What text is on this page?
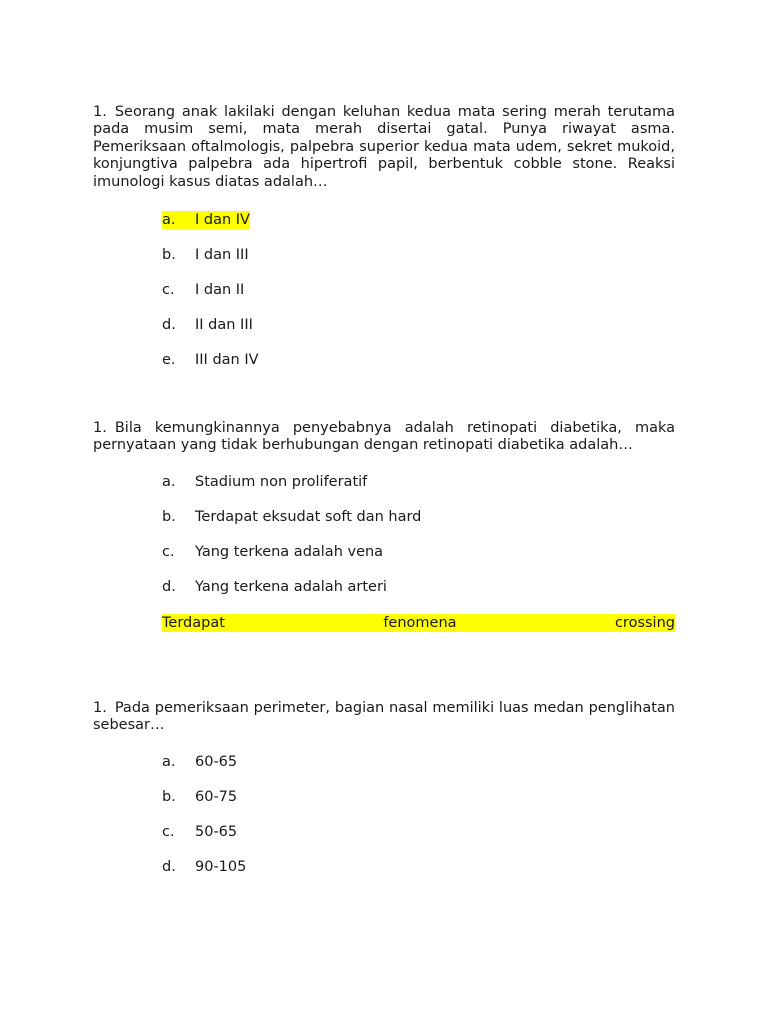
1. Seorang anak lakilaki dengan keluhan kedua mata sering merah terutama pada musim semi, mata merah disertai gatal. Punya riwayat asma. Pemeriksaan oftalmologis, palpebra superior kedua mata udem, sekret mukoid, konjungtiva palpebra ada hipertrofi papil, berbentuk cobble stone. Reaksi imunologi kasus diatas adalah…

a. I dan IV
b. I dan III
c. I dan II
d. II dan III
e. III dan IV

1. Bila kemungkinannya penyebabnya adalah retinopati diabetika, maka pernyataan yang tidak berhubungan dengan retinopati diabetika adalah…

a. Stadium non proliferatif
b. Terdapat eksudat soft dan hard
c. Yang terkena adalah vena
d. Yang terkena adalah arteri
Terdapat	fenomena	crossing

1. Pada pemeriksaan perimeter, bagian nasal memiliki luas medan penglihatan sebesar…

a. 60-65
b. 60-75
c. 50-65
d. 90-105
